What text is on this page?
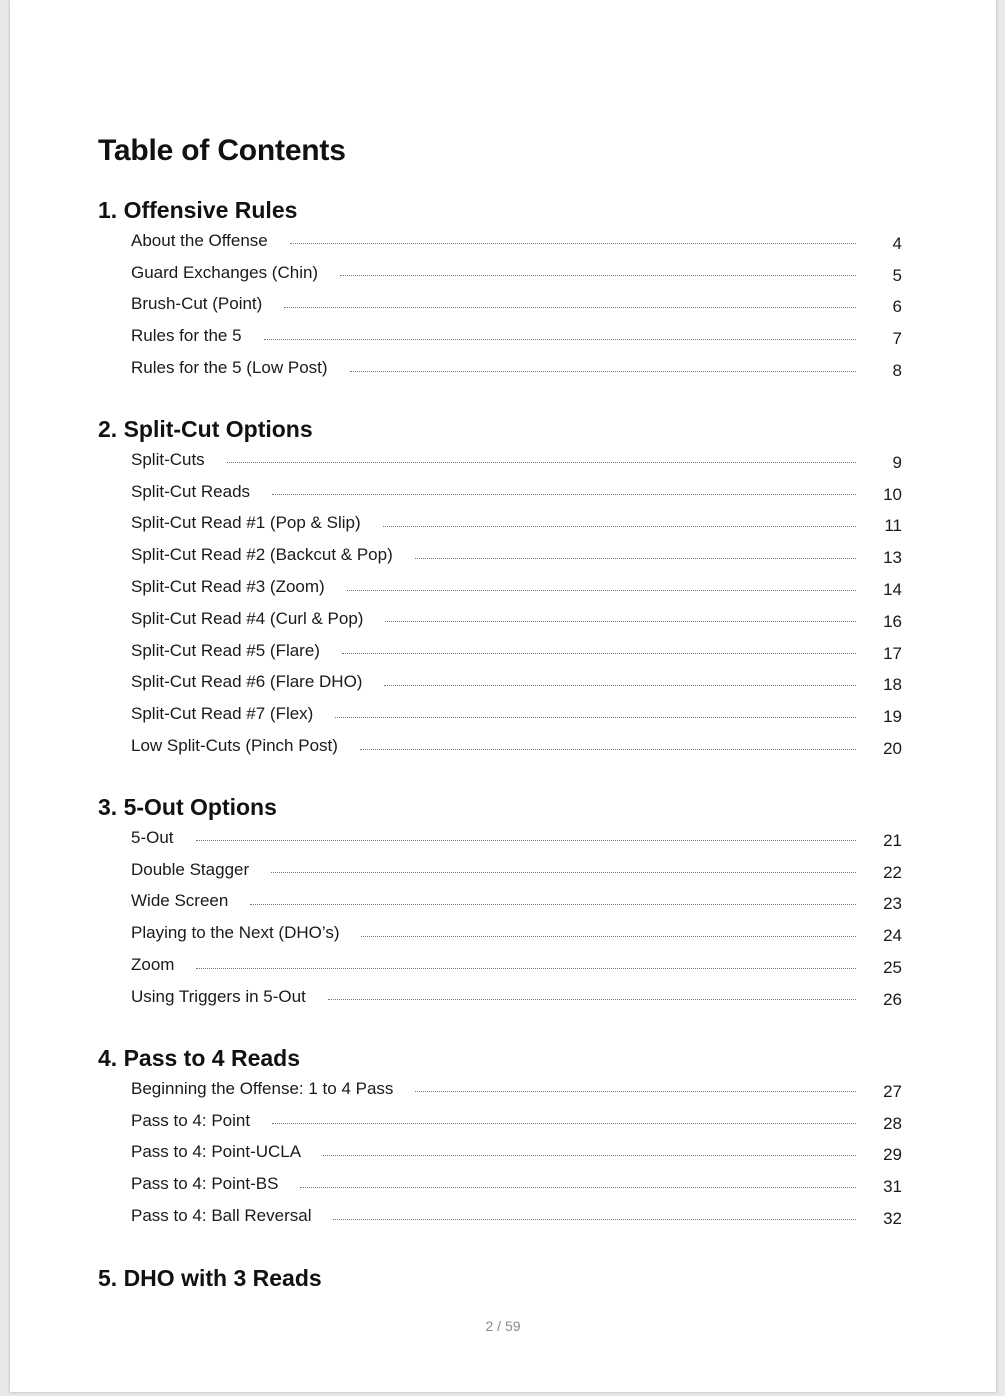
Table of Contents
1. Offensive Rules
About the Offense	4
Guard Exchanges (Chin)	5
Brush-Cut (Point)	6
Rules for the 5	7
Rules for the 5 (Low Post)	8
2. Split-Cut Options
Split-Cuts	9
Split-Cut Reads	10
Split-Cut Read #1 (Pop & Slip)	11
Split-Cut Read #2 (Backcut & Pop)	13
Split-Cut Read #3 (Zoom)	14
Split-Cut Read #4 (Curl & Pop)	16
Split-Cut Read #5 (Flare)	17
Split-Cut Read #6 (Flare DHO)	18
Split-Cut Read #7 (Flex)	19
Low Split-Cuts (Pinch Post)	20
3. 5-Out Options
5-Out	21
Double Stagger	22
Wide Screen	23
Playing to the Next (DHO’s)	24
Zoom	25
Using Triggers in 5-Out	26
4. Pass to 4 Reads
Beginning the Offense: 1 to 4 Pass	27
Pass to 4: Point	28
Pass to 4: Point-UCLA	29
Pass to 4: Point-BS	31
Pass to 4: Ball Reversal	32
5. DHO with 3 Reads
2 / 59
